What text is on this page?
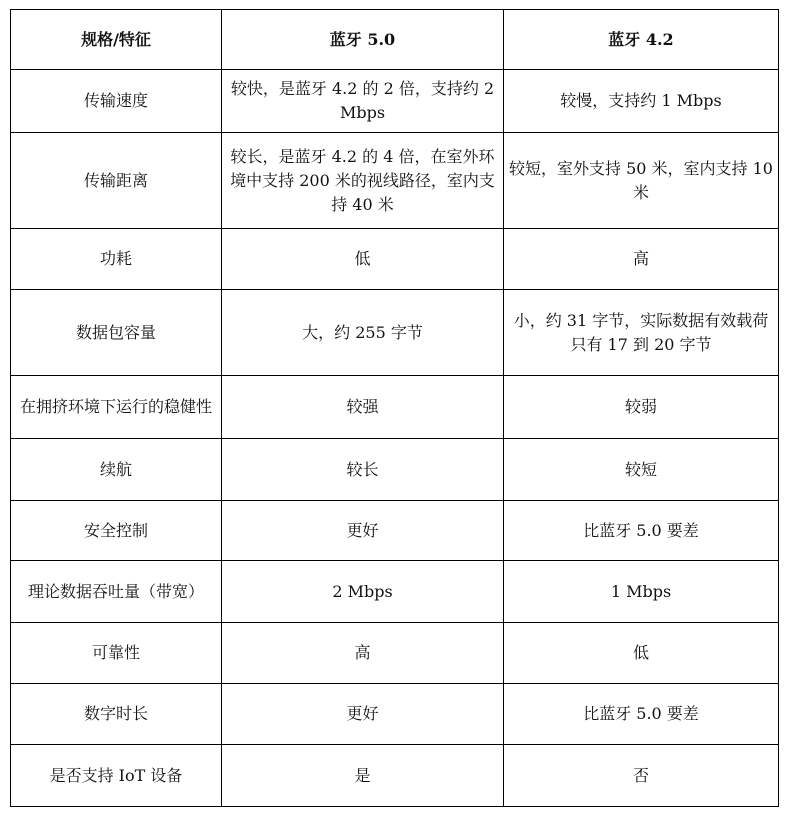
规格/特征	蓝牙 5.0	蓝牙 4.2
传输速度	较快，是蓝牙 4.2 的 2 倍，支持约 2 Mbps	较慢，支持约 1 Mbps
传输距离	较长，是蓝牙 4.2 的 4 倍，在室外环境中支持 200 米的视线路径，室内支持 40 米	较短，室外支持 50 米，室内支持 10 米
功耗	低	高
数据包容量	大，约 255 字节	小，约 31 字节，实际数据有效载荷只有 17 到 20 字节
在拥挤环境下运行的稳健性	较强	较弱
续航	较长	较短
安全控制	更好	比蓝牙 5.0 要差
理论数据吞吐量（带宽）	2 Mbps	1 Mbps
可靠性	高	低
数字时长	更好	比蓝牙 5.0 要差
是否支持 IoT 设备	是	否
